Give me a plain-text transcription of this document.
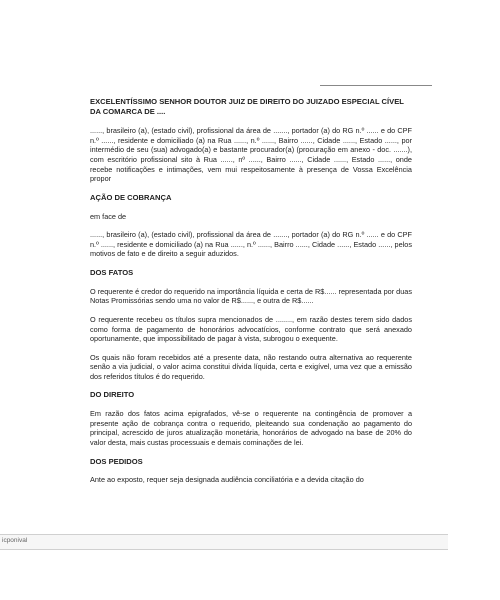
EXCELENTÍSSIMO SENHOR DOUTOR JUIZ DE DIREITO DO JUIZADO ESPECIAL CÍVEL DA COMARCA DE ....

......, brasileiro (a), (estado civil), profissional da área de ......., portador (a) do RG n.º ...... e do CPF n.º ......, residente e domiciliado (a) na Rua ......, n.º ......, Bairro ......, Cidade ......, Estado ......, por intermédio de seu (sua) advogado(a) e bastante procurador(a) (procuração em anexo - doc. .......), com escritório profissional sito à Rua ......, nº ......, Bairro ......, Cidade ......, Estado ......, onde recebe notificações e intimações, vem mui respeitosamente à presença de Vossa Excelência propor

AÇÃO DE COBRANÇA

em face de

......, brasileiro (a), (estado civil), profissional da área de ......., portador (a) do RG n.º ...... e do CPF n.º ......, residente e domiciliado (a) na Rua ......, n.º ......, Bairro ......, Cidade ......, Estado ......, pelos motivos de fato e de direito a seguir aduzidos.

DOS FATOS

O requerente é credor do requerido na importância líquida e certa de R$...... representada por duas Notas Promissórias sendo uma no valor de R$......, e outra de R$......

O requerente recebeu os títulos supra mencionados de ........, em razão destes terem sido dados como forma de pagamento de honorários advocatícios, conforme contrato que será anexado oportunamente, que impossibilitado de pagar à vista, subrogou o exequente.

Os quais não foram recebidos até a presente data, não restando outra alternativa ao requerente senão a via judicial, o valor acima constitui dívida líquida, certa e exigível, uma vez que a emissão dos referidos títulos é do requerido.

DO DIREITO

Em razão dos fatos acima epigrafados, vê-se o requerente na contingência de promover a presente ação de cobrança contra o requerido, pleiteando sua condenação ao pagamento do principal, acrescido de juros atualização monetária, honorários de advogado na base de 20% do valor desta, mais custas processuais e demais cominações de lei.

DOS PEDIDOS

Ante ao exposto, requer seja designada audiência conciliatória e a devida citação do

icponival
